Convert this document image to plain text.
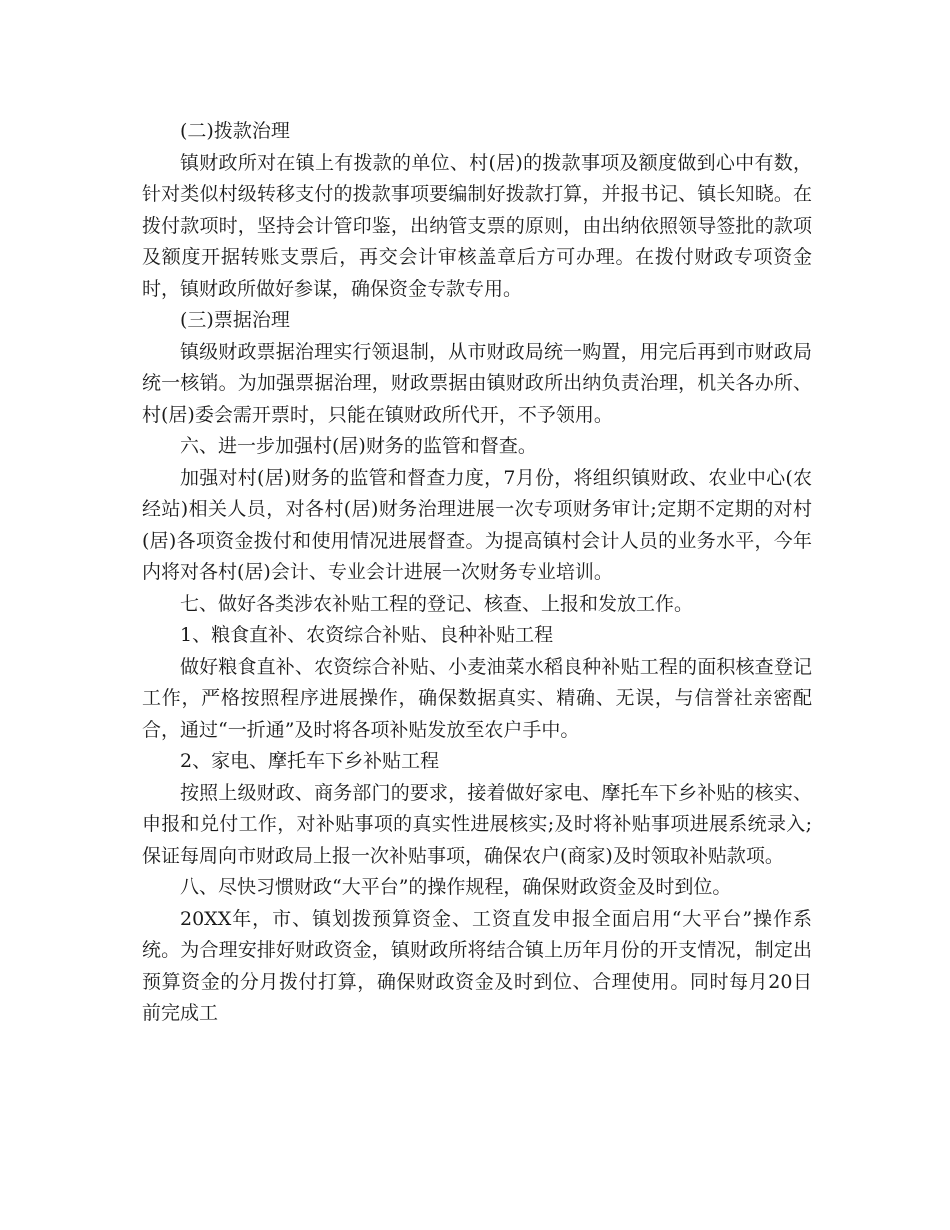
(二)拨款治理

镇财政所对在镇上有拨款的单位、村(居)的拨款事项及额度做到心中有数，针对类似村级转移支付的拨款事项要编制好拨款打算，并报书记、镇长知晓。在拨付款项时，坚持会计管印鉴，出纳管支票的原则，由出纳依照领导签批的款项及额度开据转账支票后，再交会计审核盖章后方可办理。在拨付财政专项资金时，镇财政所做好参谋，确保资金专款专用。

(三)票据治理

镇级财政票据治理实行领退制，从市财政局统一购置，用完后再到市财政局统一核销。为加强票据治理，财政票据由镇财政所出纳负责治理，机关各办所、村(居)委会需开票时，只能在镇财政所代开，不予领用。

六、进一步加强村(居)财务的监管和督查。

加强对村(居)财务的监管和督查力度，7月份，将组织镇财政、农业中心(农经站)相关人员，对各村(居)财务治理进展一次专项财务审计;定期不定期的对村(居)各项资金拨付和使用情况进展督查。为提高镇村会计人员的业务水平，今年内将对各村(居)会计、专业会计进展一次财务专业培训。

七、做好各类涉农补贴工程的登记、核查、上报和发放工作。

1、粮食直补、农资综合补贴、良种补贴工程

做好粮食直补、农资综合补贴、小麦油菜水稻良种补贴工程的面积核查登记工作，严格按照程序进展操作，确保数据真实、精确、无误，与信誉社亲密配合，通过“一折通”及时将各项补贴发放至农户手中。

2、家电、摩托车下乡补贴工程

按照上级财政、商务部门的要求，接着做好家电、摩托车下乡补贴的核实、申报和兑付工作，对补贴事项的真实性进展核实;及时将补贴事项进展系统录入;保证每周向市财政局上报一次补贴事项，确保农户(商家)及时领取补贴款项。

八、尽快习惯财政“大平台”的操作规程，确保财政资金及时到位。

20XX年，市、镇划拨预算资金、工资直发申报全面启用“大平台”操作系统。为合理安排好财政资金，镇财政所将结合镇上历年月份的开支情况，制定出预算资金的分月拨付打算，确保财政资金及时到位、合理使用。同时每月20日前完成工
